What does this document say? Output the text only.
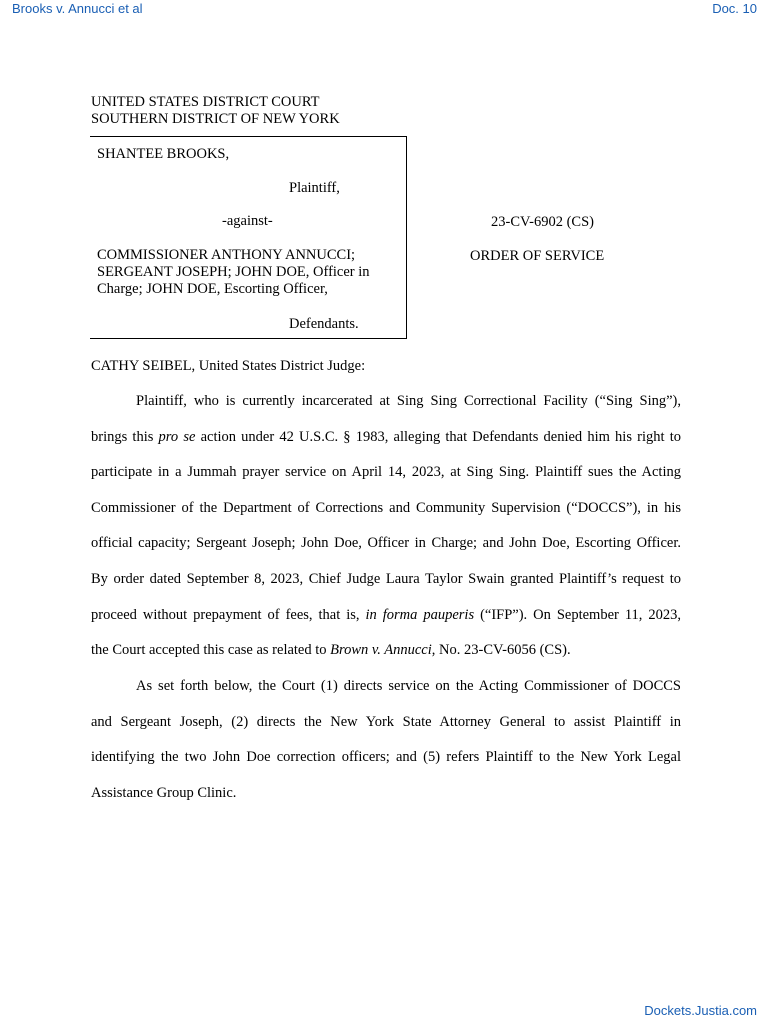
Brooks v. Annucci et al	Doc. 10
UNITED STATES DISTRICT COURT
SOUTHERN DISTRICT OF NEW YORK
SHANTEE BROOKS,
Plaintiff,
-against-
COMMISSIONER ANTHONY ANNUCCI;
SERGEANT JOSEPH; JOHN DOE, Officer in
Charge; JOHN DOE, Escorting Officer,
Defendants.
23-CV-6902 (CS)
ORDER OF SERVICE
CATHY SEIBEL, United States District Judge:
Plaintiff, who is currently incarcerated at Sing Sing Correctional Facility (“Sing Sing”),
brings this pro se action under 42 U.S.C. § 1983, alleging that Defendants denied him his right to
participate in a Jummah prayer service on April 14, 2023, at Sing Sing. Plaintiff sues the Acting
Commissioner of the Department of Corrections and Community Supervision (“DOCCS”), in his
official capacity; Sergeant Joseph; John Doe, Officer in Charge; and John Doe, Escorting Officer.
By order dated September 8, 2023, Chief Judge Laura Taylor Swain granted Plaintiff’s request to
proceed without prepayment of fees, that is, in forma pauperis (“IFP”). On September 11, 2023,
the Court accepted this case as related to Brown v. Annucci, No. 23-CV-6056 (CS).
As set forth below, the Court (1) directs service on the Acting Commissioner of DOCCS
and Sergeant Joseph, (2) directs the New York State Attorney General to assist Plaintiff in
identifying the two John Doe correction officers; and (5) refers Plaintiff to the New York Legal
Assistance Group Clinic.
Dockets.Justia.com
